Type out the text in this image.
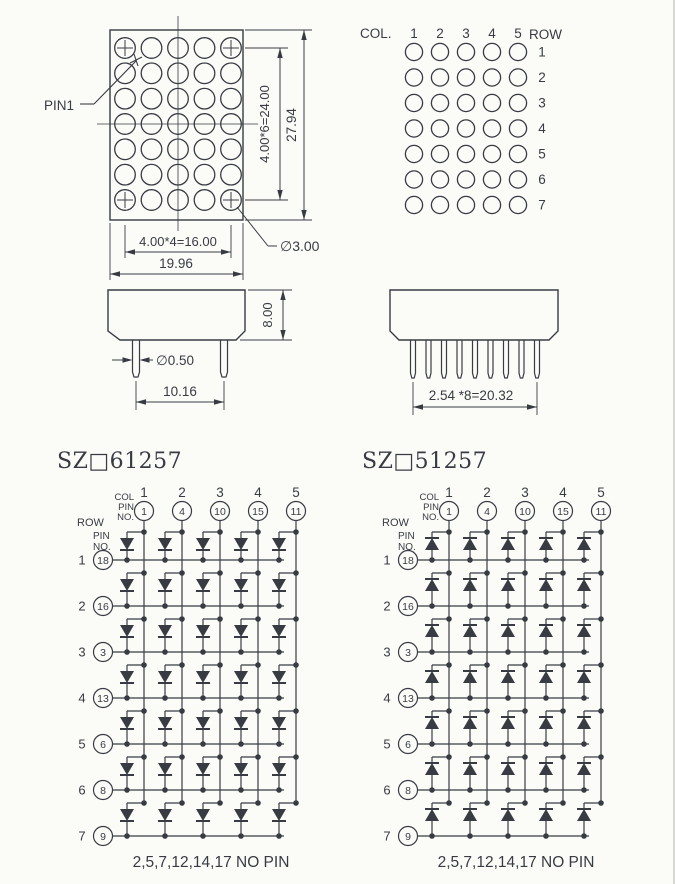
PIN1	4.00*6=24.00 27.94
∅3.00
4.00*4=16.00
19.96
COL. 1 2 3 4 5 ROW
1
2
3
4
5
6
7
8.00
∅0.50
10.16	2.54 *8=20.32
SZ□61257
COL
PIN
NO.
ROW
PIN
NO.
1
1
2
4
3
10
4
15
5
11
1 18
2 16
3 3
4 13
5 6
6 8
7 9
2,5,7,12,14,17 NO PIN
SZ□51257
COL
PIN
NO.
ROW
PIN
NO.
1
1
2
4
3
10
4
15
5
11
1 18
2 16
3 3
4 13
5 6
6 8
7 9
2,5,7,12,14,17 NO PIN
